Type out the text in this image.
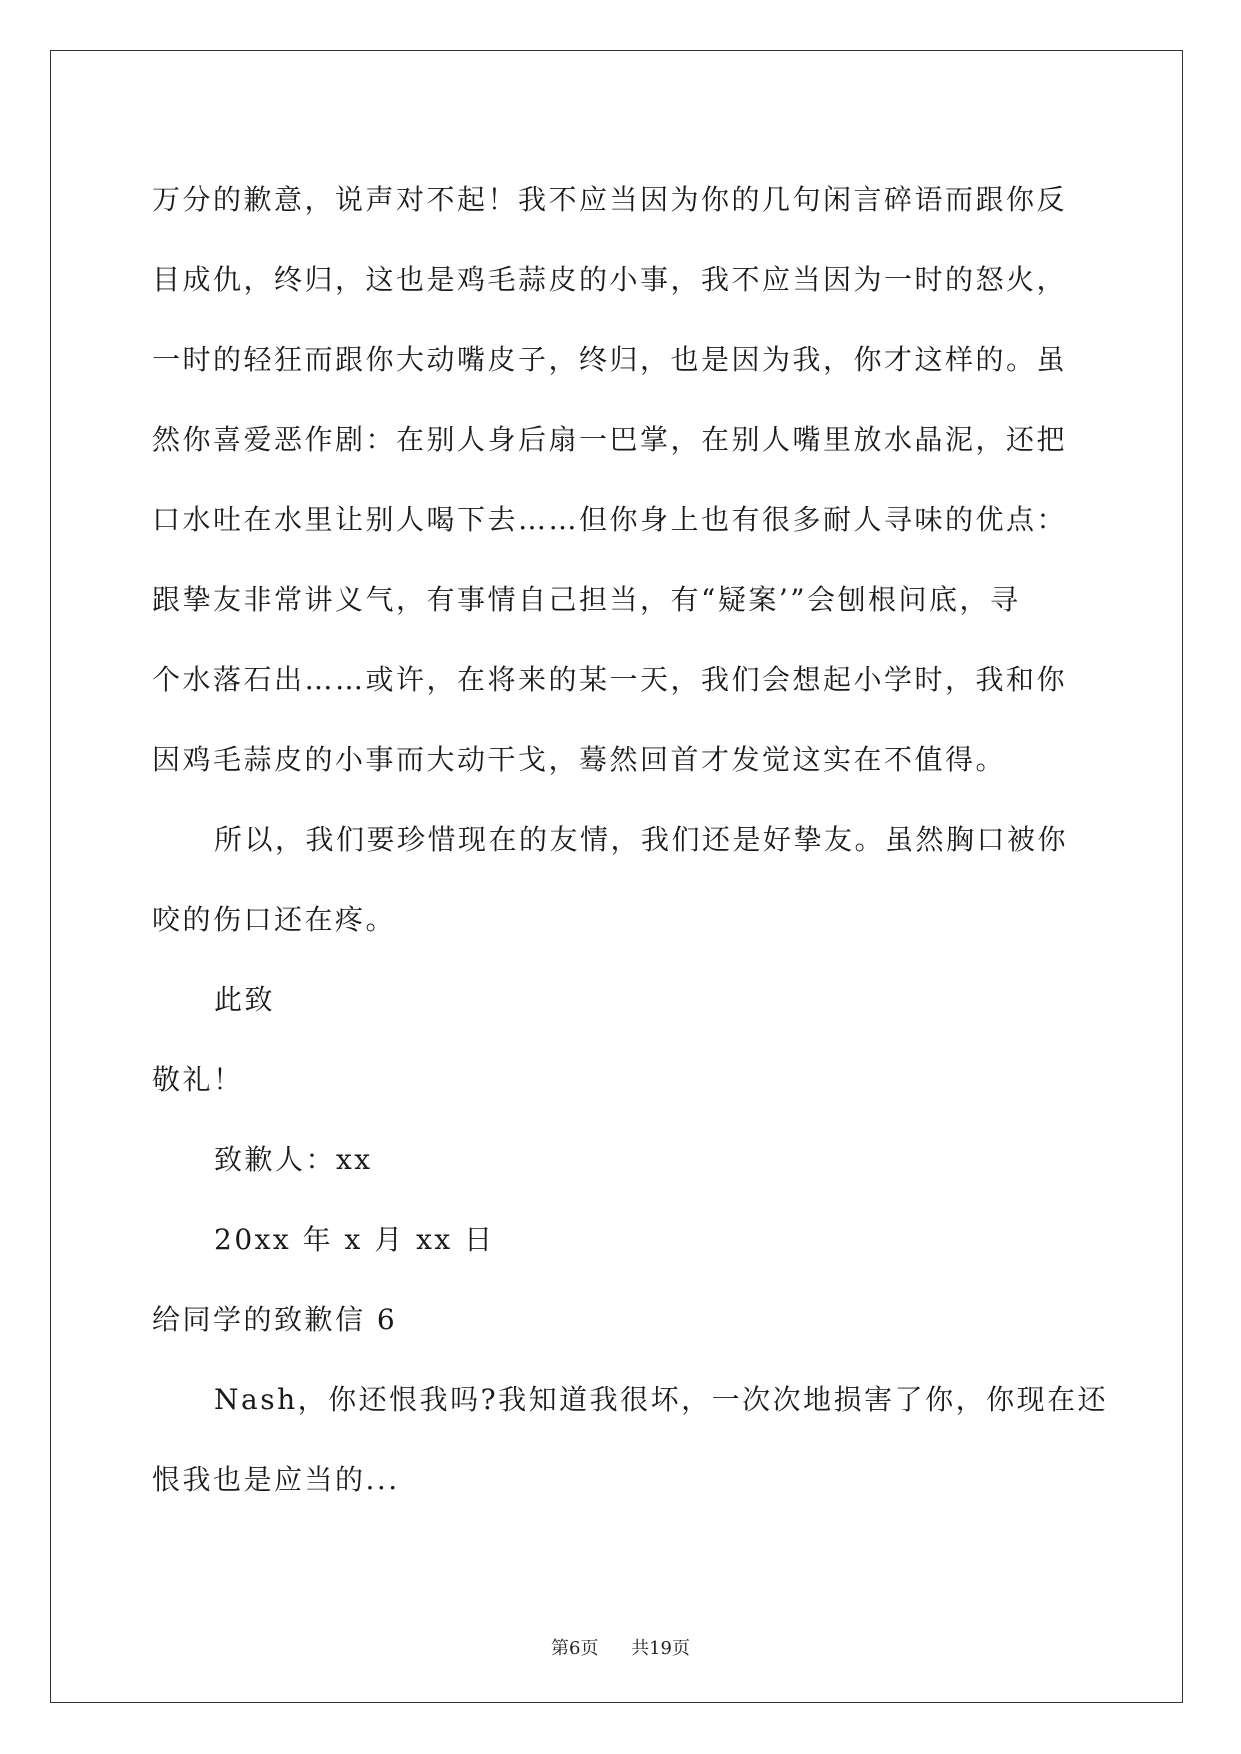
万分的歉意，说声对不起！我不应当因为你的几句闲言碎语而跟你反

目成仇，终归，这也是鸡毛蒜皮的小事，我不应当因为一时的怒火，

一时的轻狂而跟你大动嘴皮子，终归，也是因为我，你才这样的。虽

然你喜爱恶作剧：在别人身后扇一巴掌，在别人嘴里放水晶泥，还把

口水吐在水里让别人喝下去……但你身上也有很多耐人寻味的优点：

跟挚友非常讲义气，有事情自己担当，有“疑案’”会刨根问底，寻

个水落石出……或许，在将来的某一天，我们会想起小学时，我和你

因鸡毛蒜皮的小事而大动干戈，蓦然回首才发觉这实在不值得。

所以，我们要珍惜现在的友情，我们还是好挚友。虽然胸口被你

咬的伤口还在疼。

此致

敬礼！

致歉人：xx

20xx 年 x 月 xx 日

给同学的致歉信 6

Nash，你还恨我吗?我知道我很坏，一次次地损害了你，你现在还

恨我也是应当的...

第6页 共19页
